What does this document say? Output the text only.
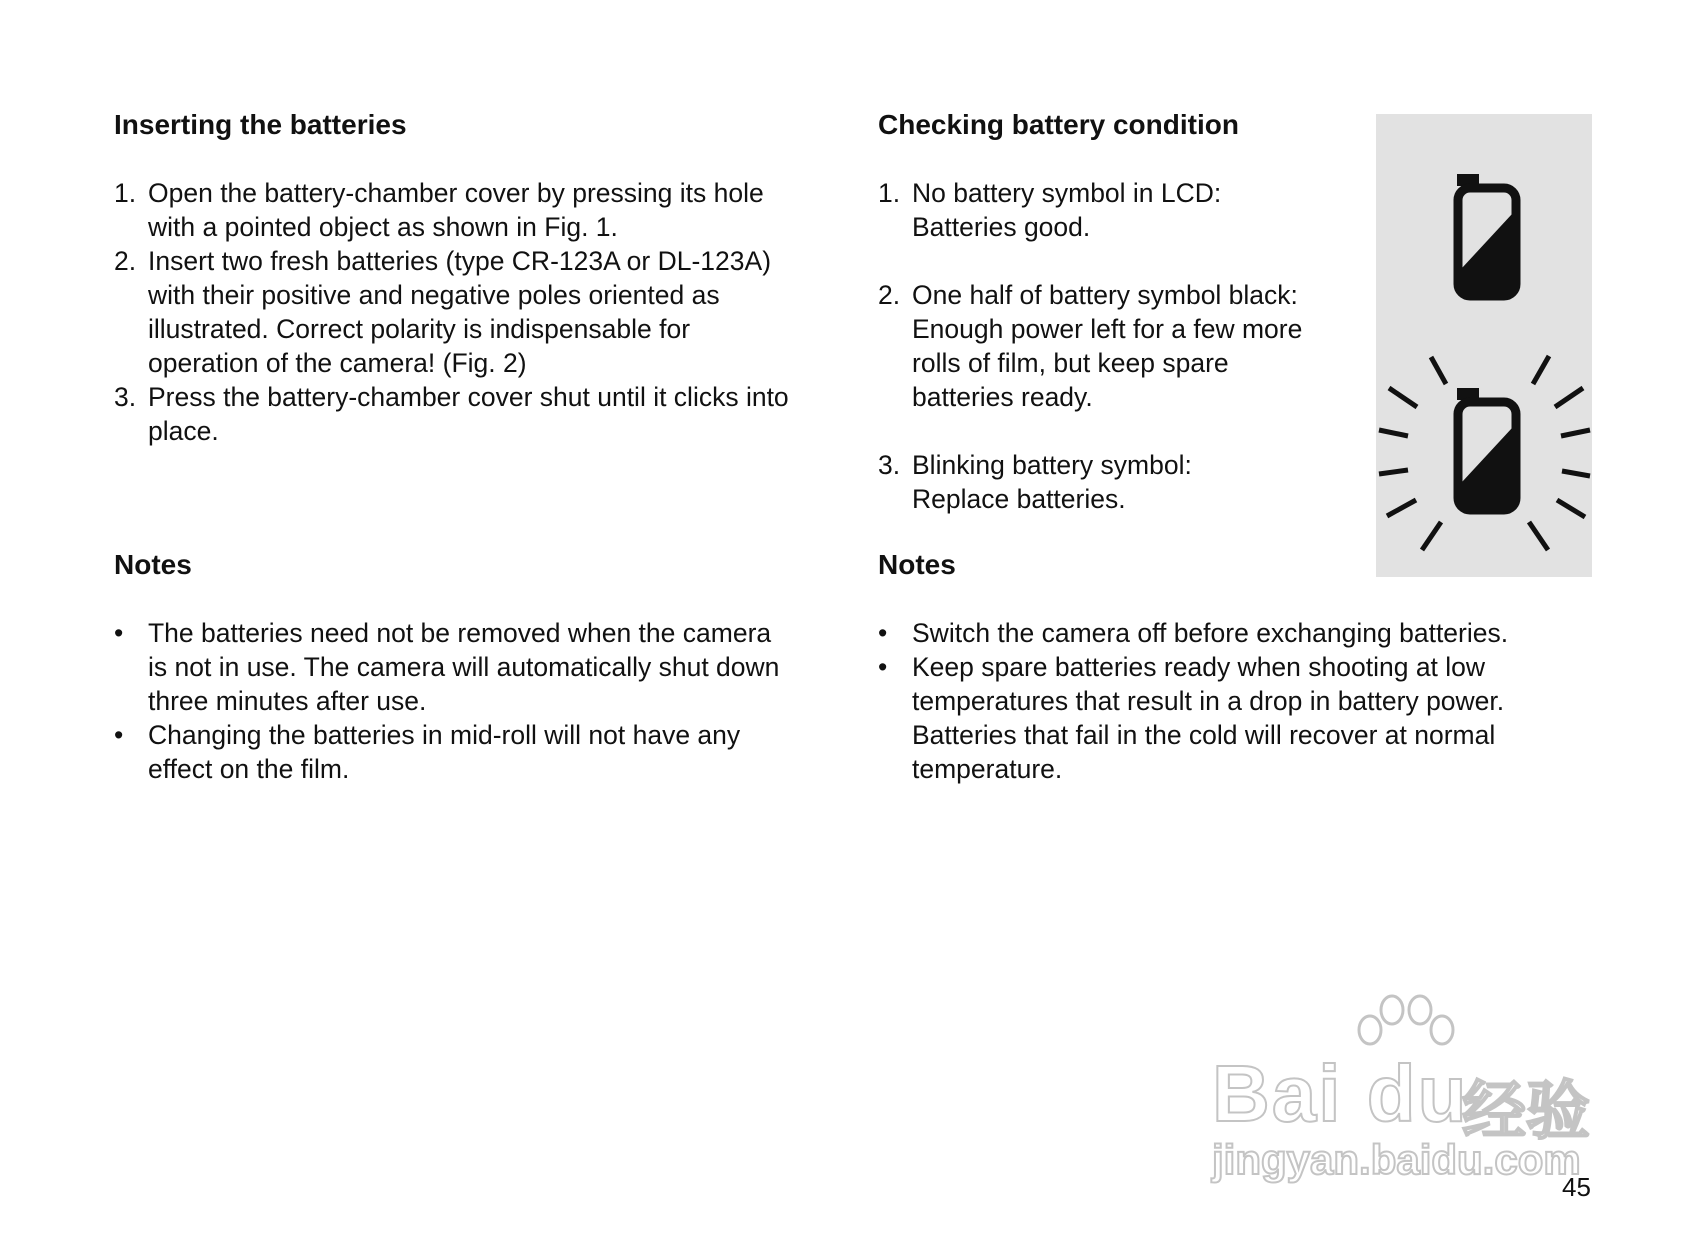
Inserting the batteries
1. Open the battery-chamber cover by pressing its hole
with a pointed object as shown in Fig. 1.
2. Insert two fresh batteries (type CR-123A or DL-123A)
with their positive and negative poles oriented as
illustrated. Correct polarity is indispensable for
operation of the camera! (Fig. 2)
3. Press the battery-chamber cover shut until it clicks into
place.
Notes
• The batteries need not be removed when the camera
is not in use. The camera will automatically shut down
three minutes after use.
• Changing the batteries in mid-roll will not have any
effect on the film.
Checking battery condition
1. No battery symbol in LCD:
Batteries good.
2. One half of battery symbol black:
Enough power left for a few more
rolls of film, but keep spare
batteries ready.
3. Blinking battery symbol:
Replace batteries.
Notes
• Switch the camera off before exchanging batteries.
• Keep spare batteries ready when shooting at low
temperatures that result in a drop in battery power.
Batteries that fail in the cold will recover at normal
temperature.
Bai du
经验
jingyan.baidu.com
45
